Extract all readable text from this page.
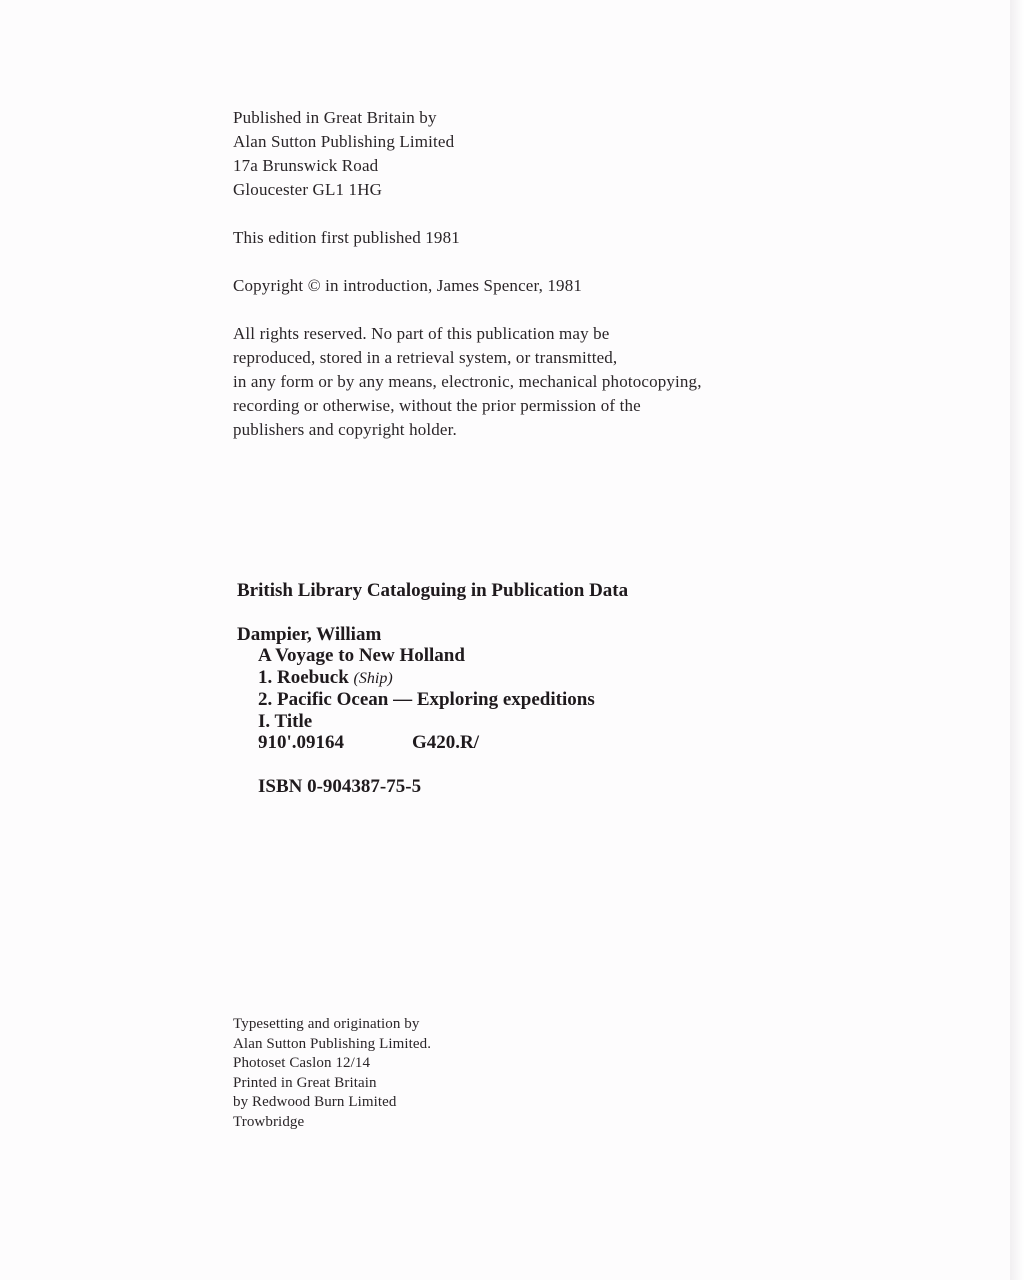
Published in Great Britain by
Alan Sutton Publishing Limited
17a Brunswick Road
Gloucester GL1 1HG
This edition first published 1981
Copyright © in introduction, James Spencer, 1981
All rights reserved. No part of this publication may be
reproduced, stored in a retrieval system, or transmitted,
in any form or by any means, electronic, mechanical photocopying,
recording or otherwise, without the prior permission of the
publishers and copyright holder.
British Library Cataloguing in Publication Data
Dampier, William
A Voyage to New Holland
1. Roebuck (Ship)
2. Pacific Ocean — Exploring expeditions
I. Title
910'.09164	G420.R/
ISBN 0-904387-75-5
Typesetting and origination by
Alan Sutton Publishing Limited.
Photoset Caslon 12/14
Printed in Great Britain
by Redwood Burn Limited
Trowbridge
